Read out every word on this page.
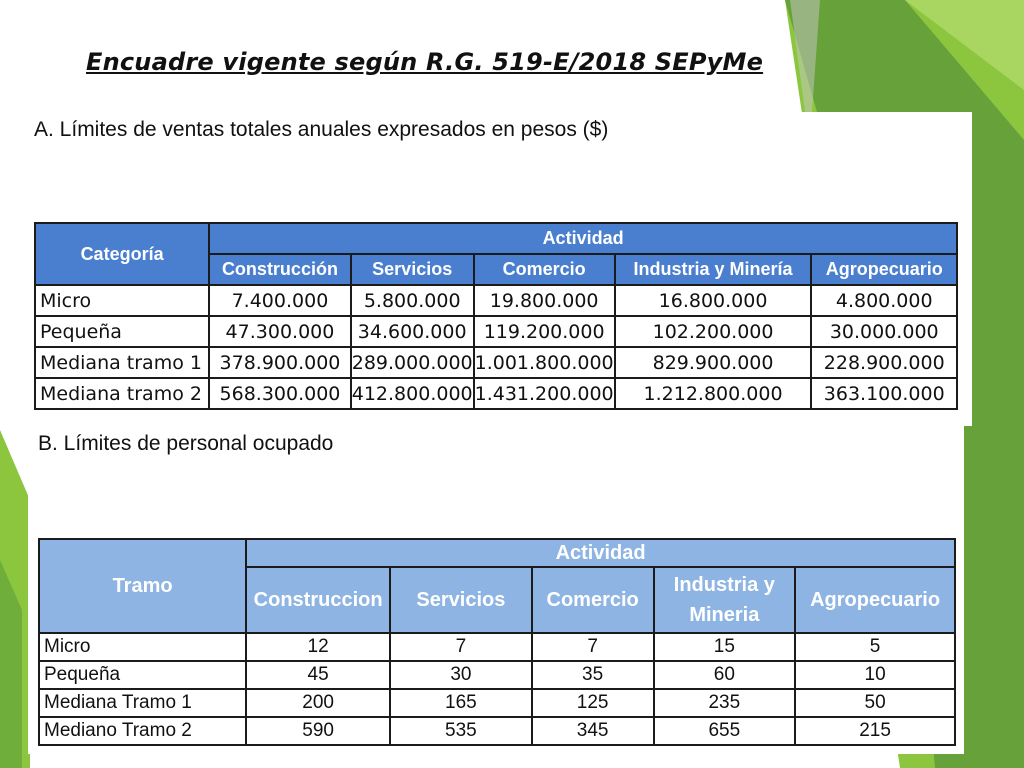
Encuadre vigente según R.G. 519-E/2018 SEPyMe
A. Límites de ventas totales anuales expresados en pesos ($)
Categoría	Actividad				
	Construcción	Servicios	Comercio	Industria y Minería	Agropecuario
Micro	7.400.000	5.800.000	19.800.000	16.800.000	4.800.000
Pequeña	47.300.000	34.600.000	119.200.000	102.200.000	30.000.000
Mediana tramo 1	378.900.000	289.000.000	1.001.800.000	829.900.000	228.900.000
Mediana tramo 2	568.300.000	412.800.000	1.431.200.000	1.212.800.000	363.100.000
B. Límites de personal ocupado
Tramo	Actividad				
	Construccion	Servicios	Comercio	Industria y Mineria	Agropecuario
Micro	12	7	7	15	5
Pequeña	45	30	35	60	10
Mediana Tramo 1	200	165	125	235	50
Mediano Tramo 2	590	535	345	655	215
